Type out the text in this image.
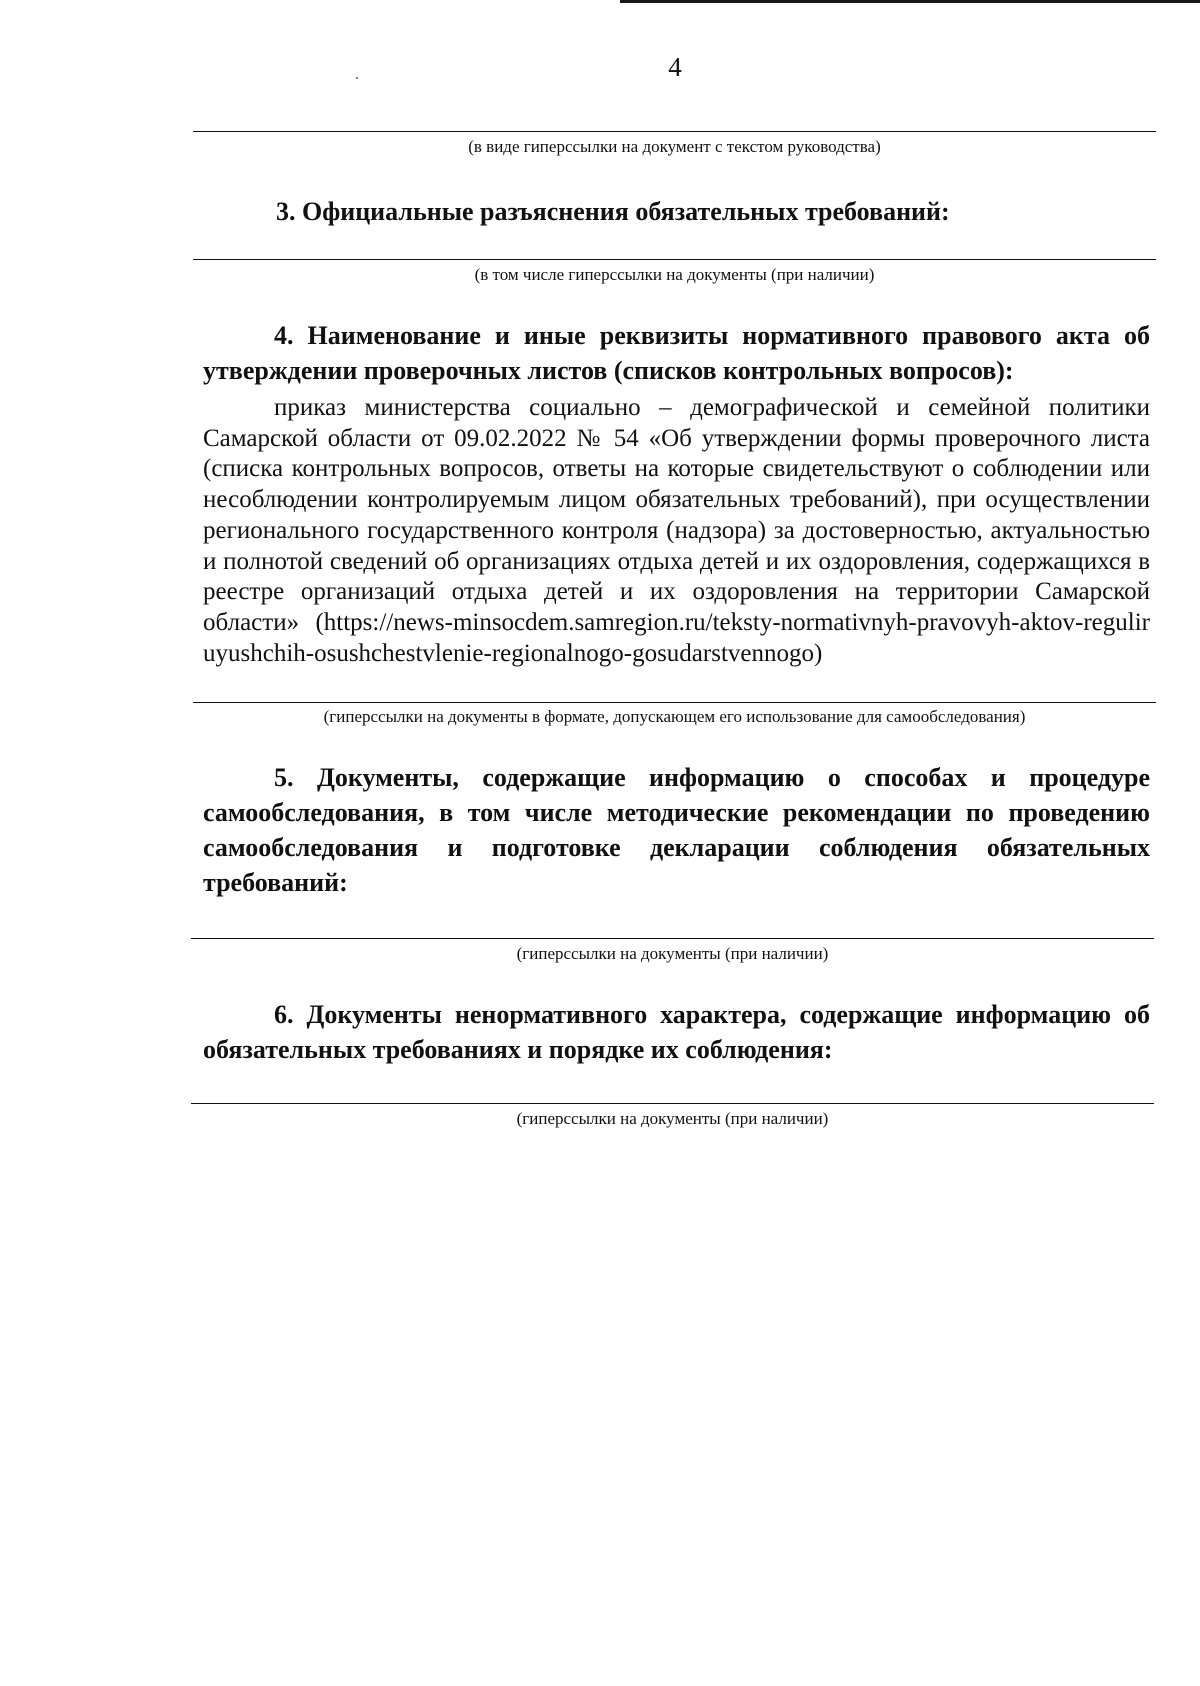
4
(в виде гиперссылки на документ с текстом руководства)
3. Официальные разъяснения обязательных требований:
(в том числе гиперссылки на документы (при наличии)
4. Наименование и иные реквизиты нормативного правового акта об утверждении проверочных листов (списков контрольных вопросов):

приказ министерства социально – демографической и семейной политики Самарской области от 09.02.2022 № 54 «Об утверждении формы проверочного листа (списка контрольных вопросов, ответы на которые свидетельствуют о соблюдении или несоблюдении контролируемым лицом обязательных требований), при осуществлении регионального государственного контроля (надзора) за достоверностью, актуальностью и полнотой сведений об организациях отдыха детей и их оздоровления, содержащихся в реестре организаций отдыха детей и их оздоровления на территории Самарской области» (https://news-minsocdem.samregion.ru/teksty-normativnyh-pravovyh-aktov-reguliruyushchih-osushchestvlenie-regionalnogo-gosudarstvennogo)

(гиперссылки на документы в формате, допускающем его использование для самообследования)
5. Документы, содержащие информацию о способах и процедуре самообследования, в том числе методические рекомендации по проведению самообследования и подготовке декларации соблюдения обязательных требований:
(гиперссылки на документы (при наличии)
6. Документы ненормативного характера, содержащие информацию об обязательных требованиях и порядке их соблюдения:
(гиперссылки на документы (при наличии)
